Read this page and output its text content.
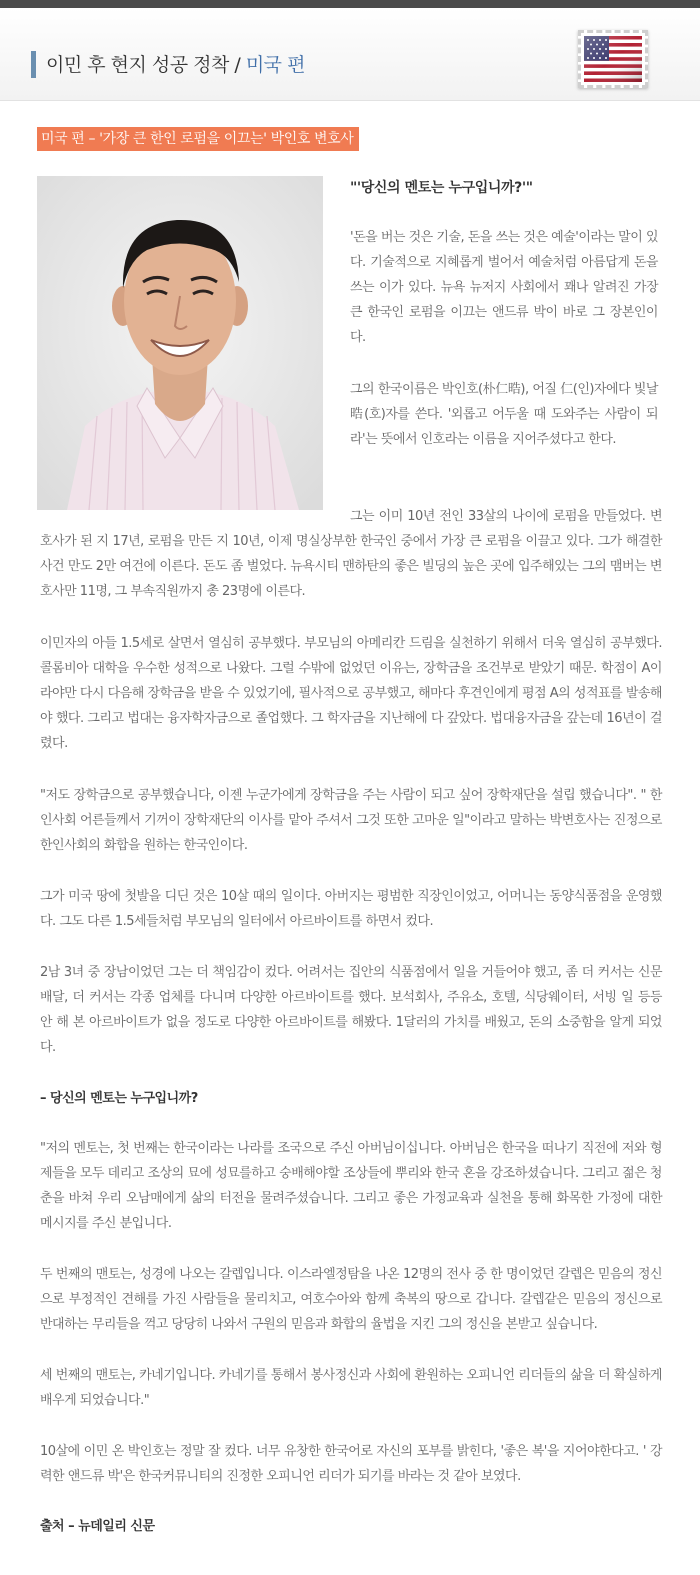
이민 후 현지 성공 정착 / 미국 편
미국 편 – '가장 큰 한인 로펌을 이끄는' 박인호 변호사
"'당신의 멘토는 누구입니까?'"
'돈을 버는 것은 기술, 돈을 쓰는 것은 예술'이라는 말이 있다. 기술적으로 지혜롭게 벌어서 예술처럼 아름답게 돈을 쓰는 이가 있다. 뉴욕 뉴저지 사회에서 꽤나 알려진 가장 큰 한국인 로펌을 이끄는 앤드류 박이 바로 그 장본인이다.
그의 한국이름은 박인호(朴仁晧), 어질 仁(인)자에다 빛날 晧(호)자를 쓴다. '외롭고 어두울 때 도와주는 사람이 되라'는 뜻에서 인호라는 이름을 지어주셨다고 한다.
그는 이미 10년 전인 33살의 나이에 로펌을 만들었다. 변호사가 된 지 17년, 로펌을 만든 지 10년, 이제 명실상부한 한국인 중에서 가장 큰 로펌을 이끌고 있다. 그가 해결한 사건 만도 2만 여건에 이른다. 돈도 좀 벌었다. 뉴욕시티 맨하탄의 좋은 빌딩의 높은 곳에 입주해있는 그의 맴버는 변호사만 11명, 그 부속직원까지 총 23명에 이른다.
이민자의 아들 1.5세로 살면서 열심히 공부했다. 부모님의 아메리칸 드림을 실천하기 위해서 더욱 열심히 공부했다. 콜롬비아 대학을 우수한 성적으로 나왔다. 그럴 수밖에 없었던 이유는, 장학금을 조건부로 받았기 때문. 학점이 A이라야만 다시 다음해 장학금을 받을 수 있었기에, 필사적으로 공부했고, 해마다 후견인에게 평점 A의 성적표를 발송해야 했다. 그리고 법대는 융자학자금으로 졸업했다. 그 학자금을 지난해에 다 갚았다. 법대융자금을 갚는데 16년이 걸렸다.
"저도 장학금으로 공부했습니다, 이젠 누군가에게 장학금을 주는 사람이 되고 싶어 장학재단을 설립 했습니다". " 한인사회 어른들께서 기꺼이 장학재단의 이사를 맡아 주셔서 그것 또한 고마운 일"이라고 말하는 박변호사는 진정으로 한인사회의 화합을 원하는 한국인이다.
그가 미국 땅에 첫발을 디딘 것은 10살 때의 일이다. 아버지는 평범한 직장인이었고, 어머니는 동양식품점을 운영했다. 그도 다른 1.5세들처럼 부모님의 일터에서 아르바이트를 하면서 컸다.
2남 3녀 중 장남이었던 그는 더 책임감이 컸다. 어려서는 집안의 식품점에서 일을 거들어야 했고, 좀 더 커서는 신문배달, 더 커서는 각종 업체를 다니며 다양한 아르바이트를 했다. 보석회사, 주유소, 호텔, 식당웨이터, 서빙 일 등등 안 해 본 아르바이트가 없을 정도로 다양한 아르바이트를 해봤다. 1달러의 가치를 배웠고, 돈의 소중함을 알게 되었다.
– 당신의 멘토는 누구입니까?
"저의 멘토는, 첫 번째는 한국이라는 나라를 조국으로 주신 아버님이십니다. 아버님은 한국을 떠나기 직전에 저와 형제들을 모두 데리고 조상의 묘에 성묘를하고 숭배해야할 조상들에 뿌리와 한국 혼을 강조하셨습니다. 그리고 젊은 청춘을 바쳐 우리 오남매에게 삶의 터전을 물려주셨습니다. 그리고 좋은 가정교육과 실천을 통해 화목한 가정에 대한 메시지를 주신 분입니다.
두 번째의 맨토는, 성경에 나오는 갈렙입니다. 이스라엘정탐을 나온 12명의 전사 중 한 명이었던 갈렙은 믿음의 정신으로 부정적인 견해를 가진 사람들을 물리치고, 여호수아와 함께 축복의 땅으로 갑니다. 갈렙같은 믿음의 정신으로 반대하는 무리들을 꺽고 당당히 나와서 구원의 믿음과 화합의 율법을 지킨 그의 정신을 본받고 싶습니다.
세 번째의 맨토는, 카네기입니다. 카네기를 통해서 봉사정신과 사회에 환원하는 오피니언 리더들의 삶을 더 확실하게 배우게 되었습니다."
10살에 이민 온 박인호는 정말 잘 컸다. 너무 유창한 한국어로 자신의 포부를 밝힌다, '좋은 복'을 지어야한다고. ' 강력한 앤드류 박'은 한국커뮤니티의 진정한 오피니언 리더가 되기를 바라는 것 같아 보였다.
출처 – 뉴데일리 신문
